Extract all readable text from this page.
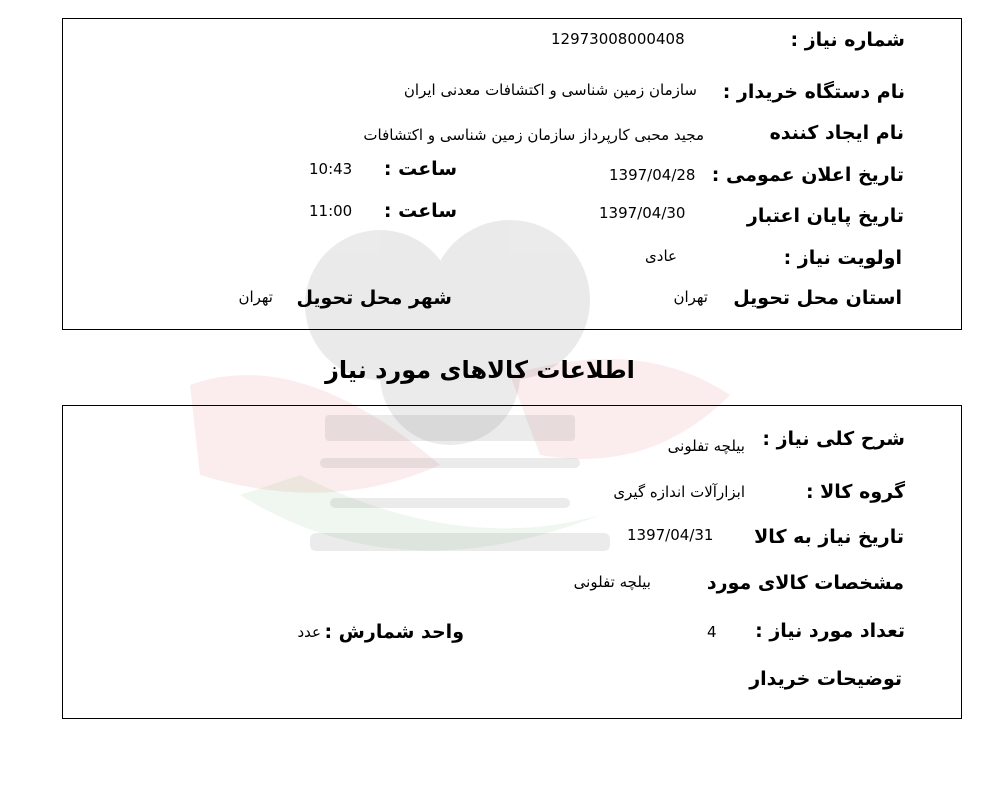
شماره نیاز :
12973008000408
نام دستگاه خریدار :
سازمان زمین شناسی و اکتشافات معدنی ایران
نام ایجاد کننده
مجید محبی کارپرداز سازمان زمین شناسی و اکتشافات
تاریخ اعلان عمومی :
1397/04/28
ساعت :
10:43
تاریخ پایان اعتبار
1397/04/30
ساعت :
11:00
اولویت نیاز :
عادی
استان محل تحویل
تهران
شهر محل تحویل
تهران
اطلاعات کالاهای مورد نیاز
شرح کلی نیاز :
بیلچه تفلونی
گروه کالا :
ابزارآلات اندازه گیری
تاریخ نیاز به کالا
1397/04/31
مشخصات کالای مورد
بیلچه تفلونی
تعداد مورد نیاز :
4
واحد شمارش :
عدد
توضیحات خریدار
